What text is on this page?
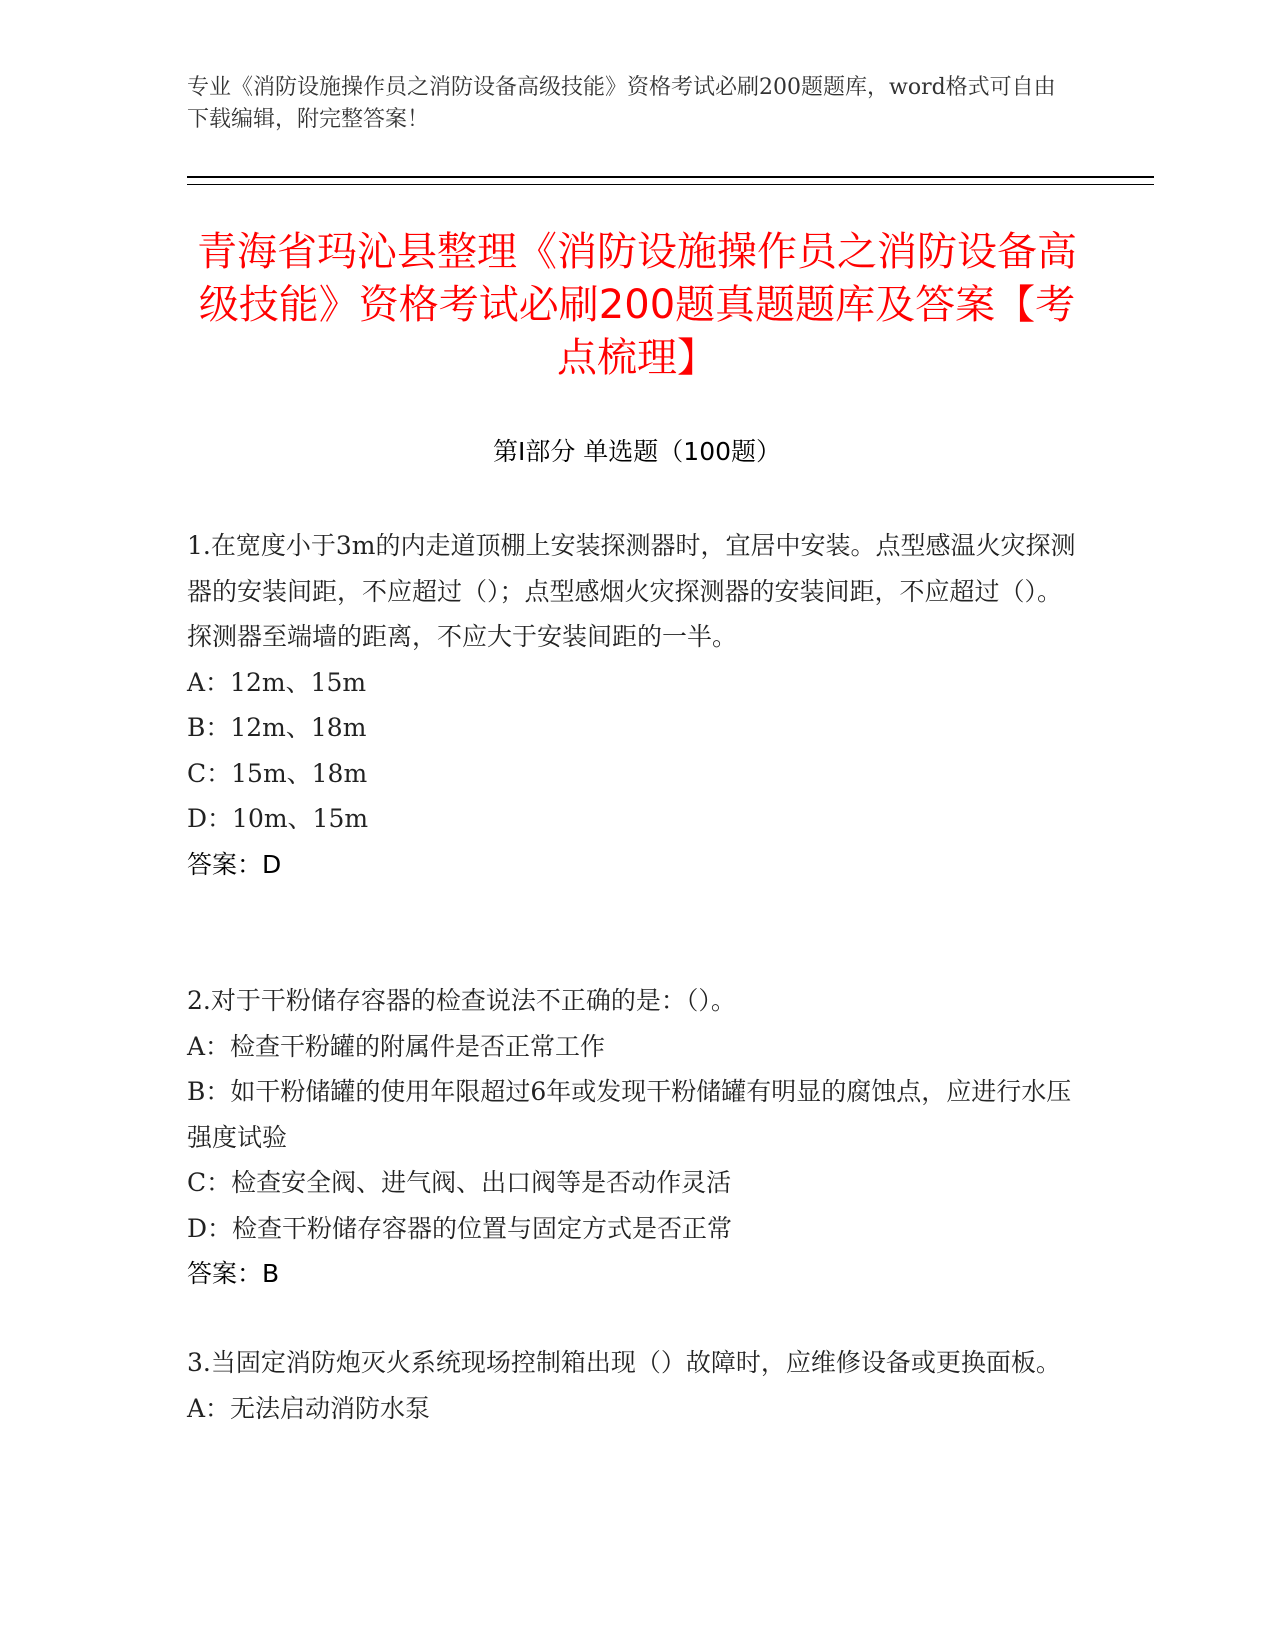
专业《消防设施操作员之消防设备高级技能》资格考试必刷200题题库，word格式可自由下载编辑，附完整答案！
青海省玛沁县整理《消防设施操作员之消防设备高级技能》资格考试必刷200题真题题库及答案【考点梳理】
第I部分 单选题（100题）

1.在宽度小于3m的内走道顶棚上安装探测器时，宜居中安装。点型感温火灾探测器的安装间距，不应超过（）；点型感烟火灾探测器的安装间距，不应超过（）。探测器至端墙的距离，不应大于安装间距的一半。

A：12m、15m

B：12m、18m

C：15m、18m

D：10m、15m

答案：D

2.对于干粉储存容器的检查说法不正确的是：（）。

A：检查干粉罐的附属件是否正常工作

B：如干粉储罐的使用年限超过6年或发现干粉储罐有明显的腐蚀点，应进行水压强度试验

C：检查安全阀、进气阀、出口阀等是否动作灵活

D：检查干粉储存容器的位置与固定方式是否正常

答案：B

3.当固定消防炮灭火系统现场控制箱出现（）故障时，应维修设备或更换面板。

A：无法启动消防水泵
